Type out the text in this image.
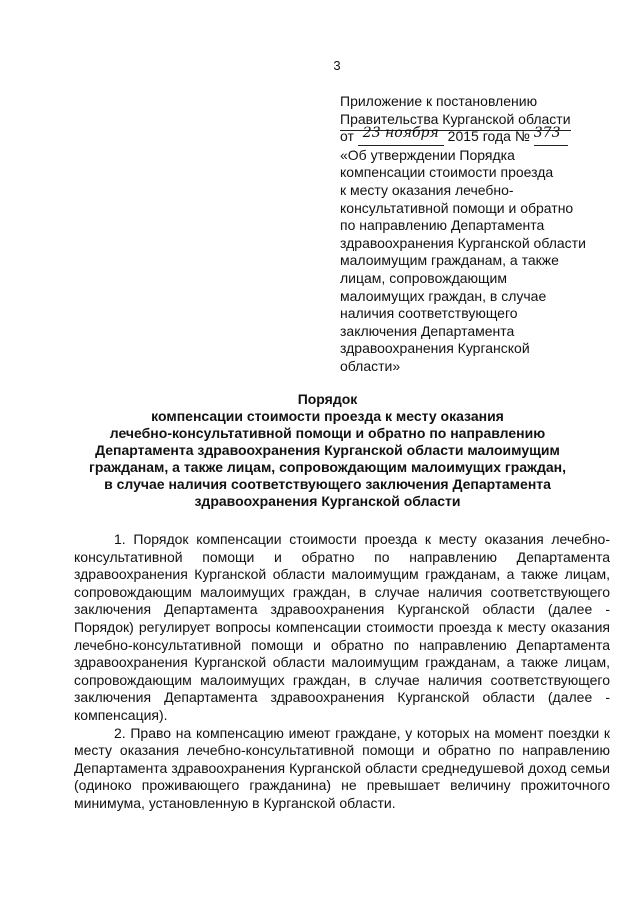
3
Приложение к постановлению
Правительства Курганской области
от 23 ноября 2015 года № 373
«Об утверждении Порядка
компенсации стоимости проезда
к месту оказания лечебно-
консультативной помощи и обратно
по направлению Департамента
здравоохранения Курганской области
малоимущим гражданам, а также
лицам, сопровождающим
малоимущих граждан, в случае
наличия соответствующего
заключения Департамента
здравоохранения Курганской
области»
Порядок
компенсации стоимости проезда к месту оказания
лечебно-консультативной помощи и обратно по направлению
Департамента здравоохранения Курганской области малоимущим
гражданам, а также лицам, сопровождающим малоимущих граждан,
в случае наличия соответствующего заключения Департамента
здравоохранения Курганской области

1. Порядок компенсации стоимости проезда к месту оказания лечебно-консультативной помощи и обратно по направлению Департамента здравоохранения Курганской области малоимущим гражданам, а также лицам, сопровождающим малоимущих граждан, в случае наличия соответствующего заключения Департамента здравоохранения Курганской области (далее - Порядок) регулирует вопросы компенсации стоимости проезда к месту оказания лечебно-консультативной помощи и обратно по направлению Департамента здравоохранения Курганской области малоимущим гражданам, а также лицам, сопровождающим малоимущих граждан, в случае наличия соответствующего заключения Департамента здравоохранения Курганской области (далее - компенсация).

2. Право на компенсацию имеют граждане, у которых на момент поездки к месту оказания лечебно-консультативной помощи и обратно по направлению Департамента здравоохранения Курганской области среднедушевой доход семьи (одиноко проживающего гражданина) не превышает величину прожиточного минимума, установленную в Курганской области.
